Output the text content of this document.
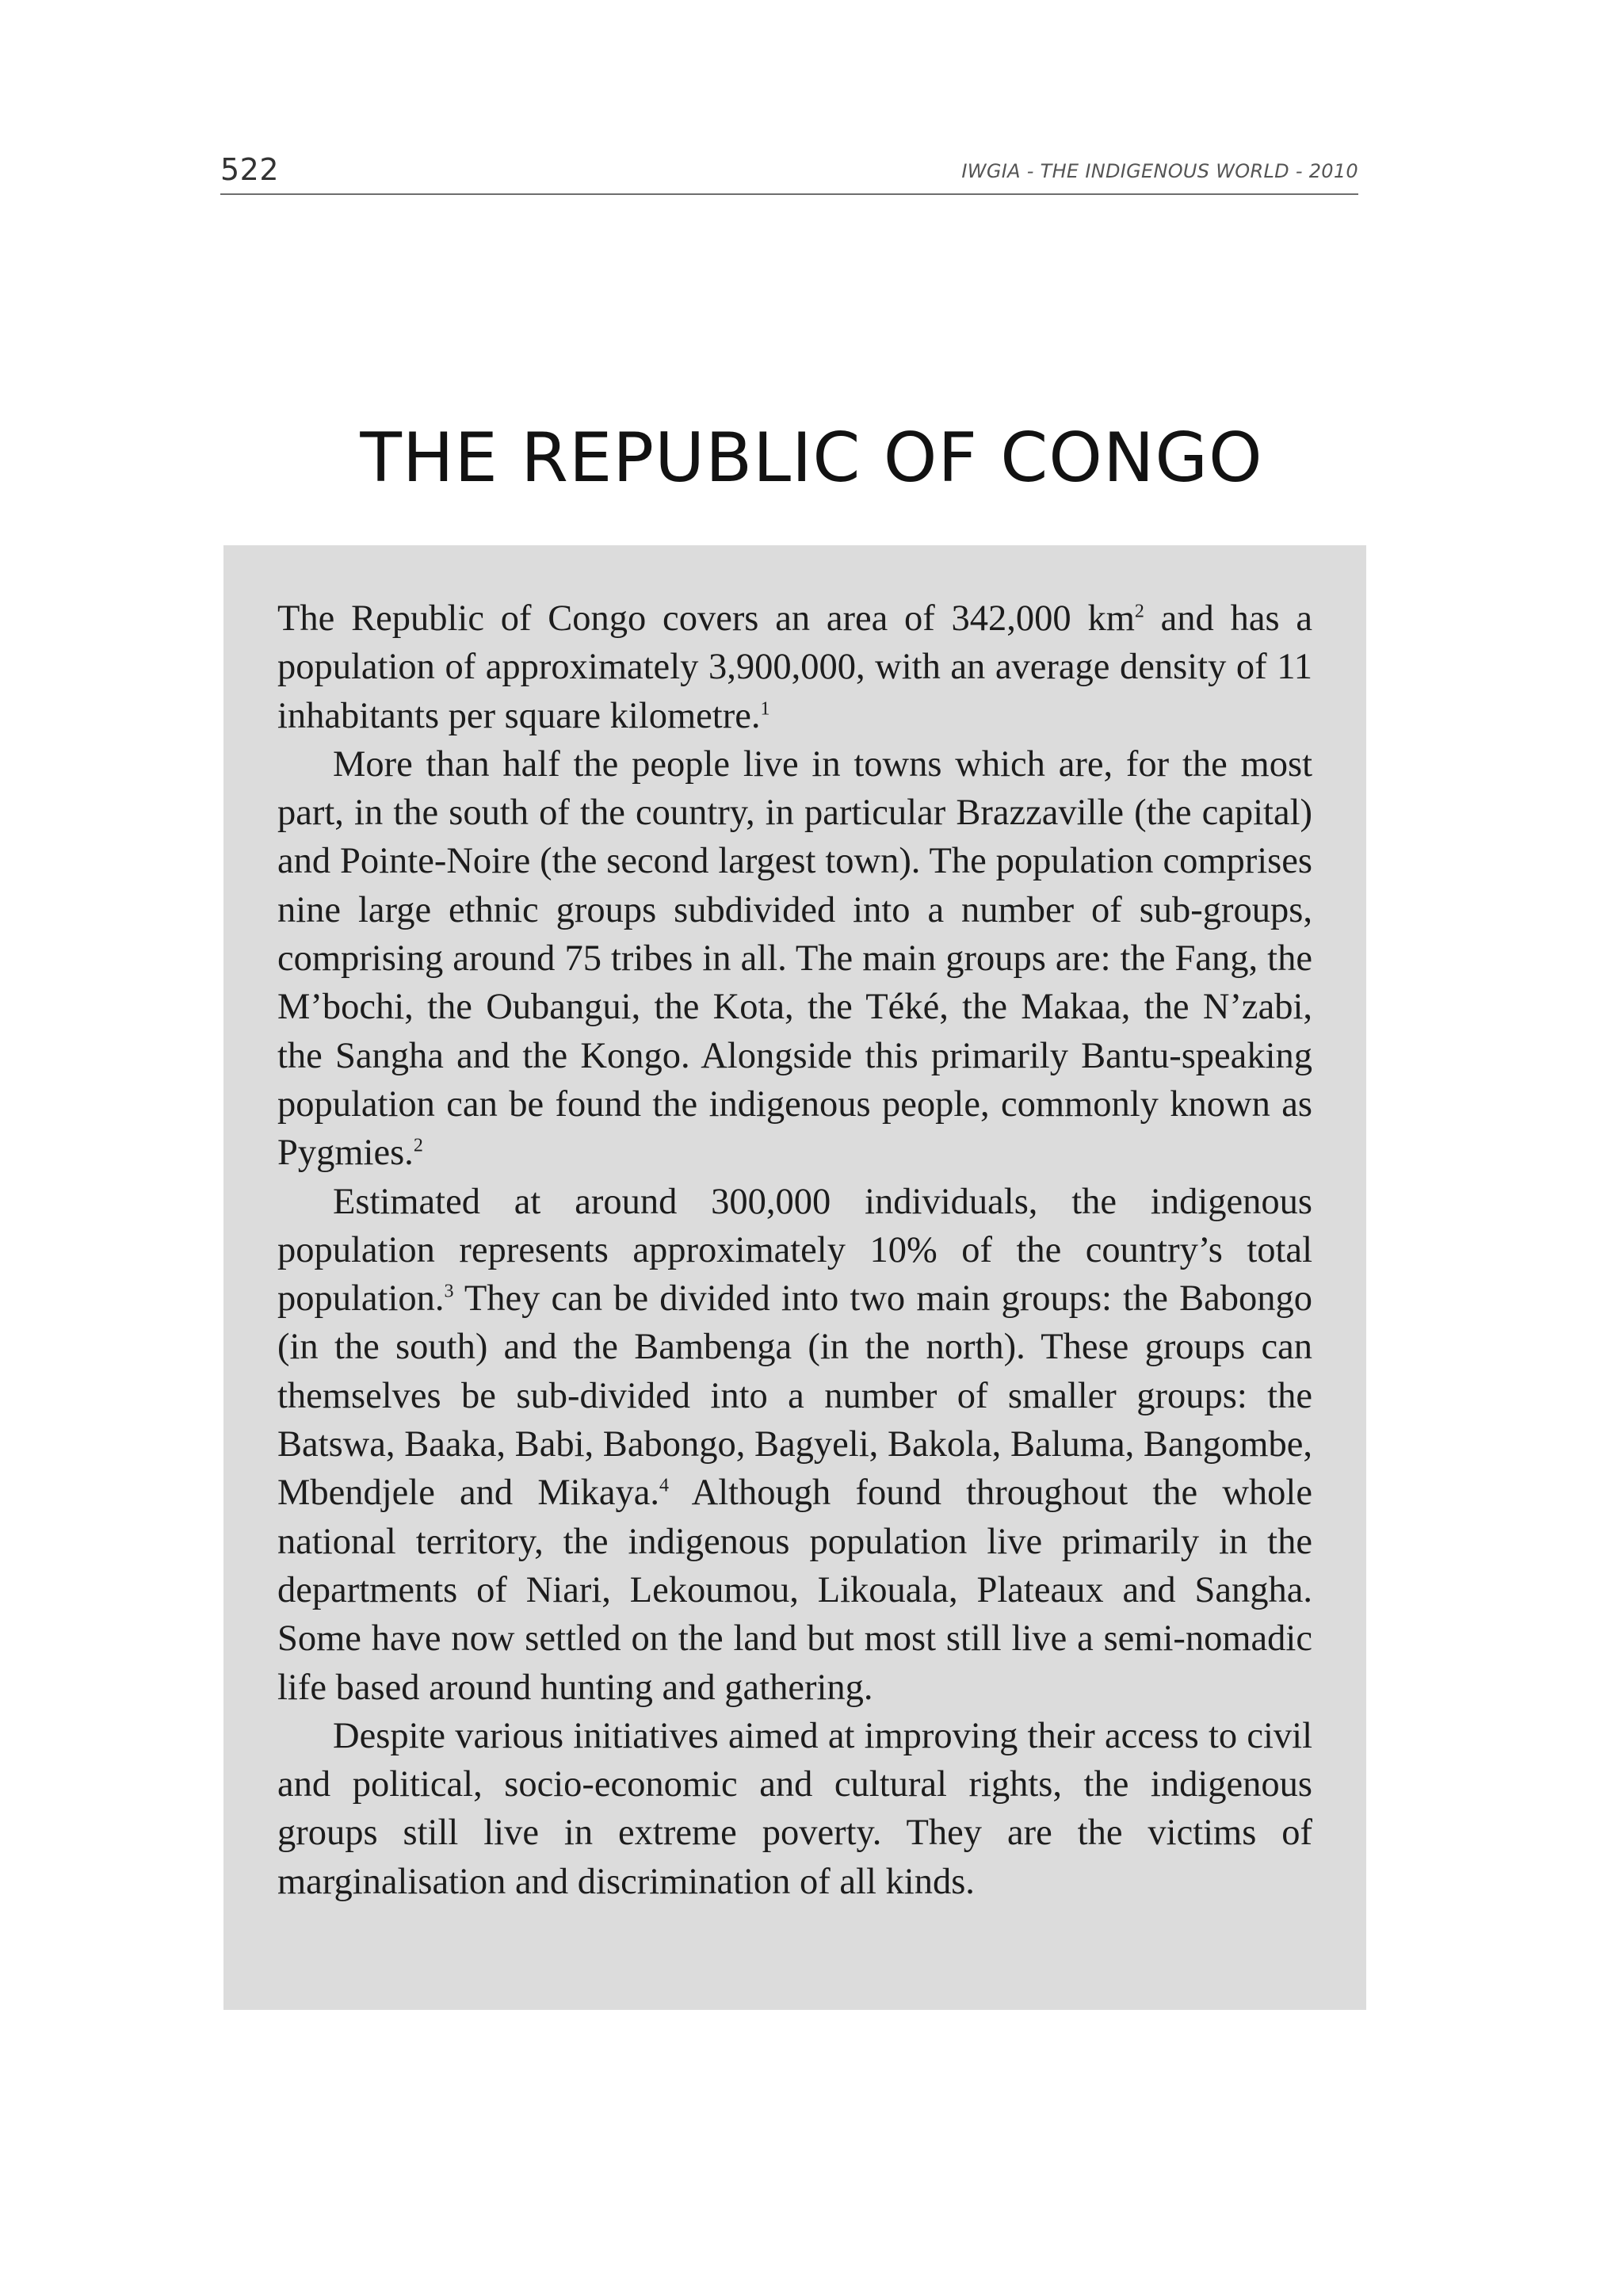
522	IWGIA - THE INDIGENOUS WORLD - 2010
THE REPUBLIC OF CONGO

The Republic of Congo covers an area of 342,000 $km^2$ and has a population of approximately 3,900,000, with an average density of 11 inhabitants per square kilometre.$^1$

More than half the people live in towns which are, for the most part, in the south of the country, in particular Brazzaville (the capital) and Pointe-Noire (the second largest town). The population comprises nine large ethnic groups subdivided into a number of sub-groups, comprising around 75 tribes in all. The main groups are: the Fang, the M’bochi, the Oubangui, the Kota, the Téké, the Makaa, the N’zabi, the Sangha and the Kongo. Alongside this primarily Bantu-speaking population can be found the indigenous people, commonly known as Pygmies.$^2$

Estimated at around 300,000 individuals, the indigenous population represents approximately 10% of the country’s total population.$^3$ They can be divided into two main groups: the Babongo (in the south) and the Bambenga (in the north). These groups can themselves be sub-divided into a number of smaller groups: the Batswa, Baaka, Babi, Babongo, Bagyeli, Bakola, Baluma, Bangombe, Mbendjele and Mikaya.$^4$ Although found throughout the whole national territory, the indigenous population live primarily in the departments of Niari, Lekoumou, Likouala, Plateaux and Sangha. Some have now settled on the land but most still live a semi-nomadic life based around hunting and gathering.

Despite various initiatives aimed at improving their access to civil and political, socio-economic and cultural rights, the indigenous groups still live in extreme poverty. They are the victims of marginalisation and discrimination of all kinds.
